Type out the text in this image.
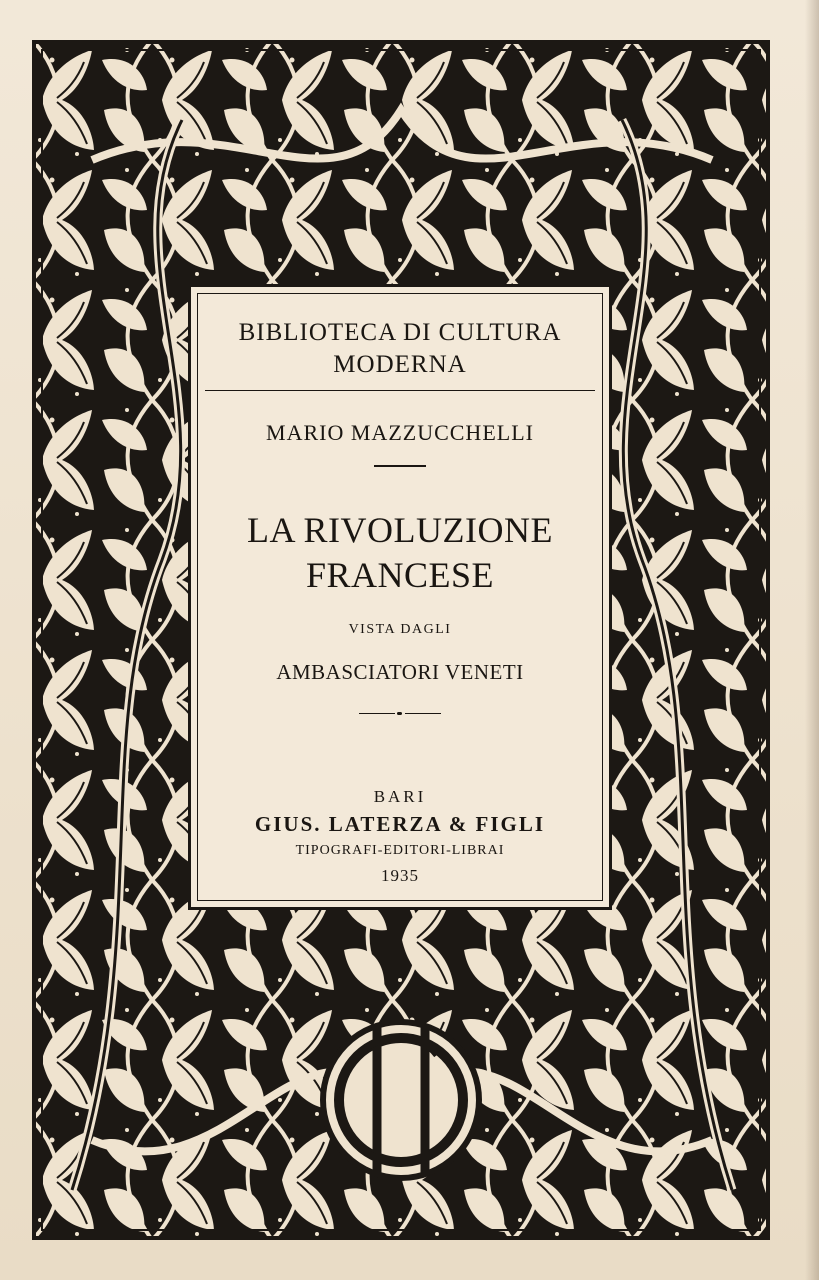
BIBLIOTECA DI CULTURA
MODERNA
MARIO MAZZUCCHELLI
LA RIVOLUZIONE
FRANCESE
VISTA DAGLI
AMBASCIATORI VENETI
BARI
GIUS. LATERZA & FIGLI
TIPOGRAFI-EDITORI-LIBRAI
1935
